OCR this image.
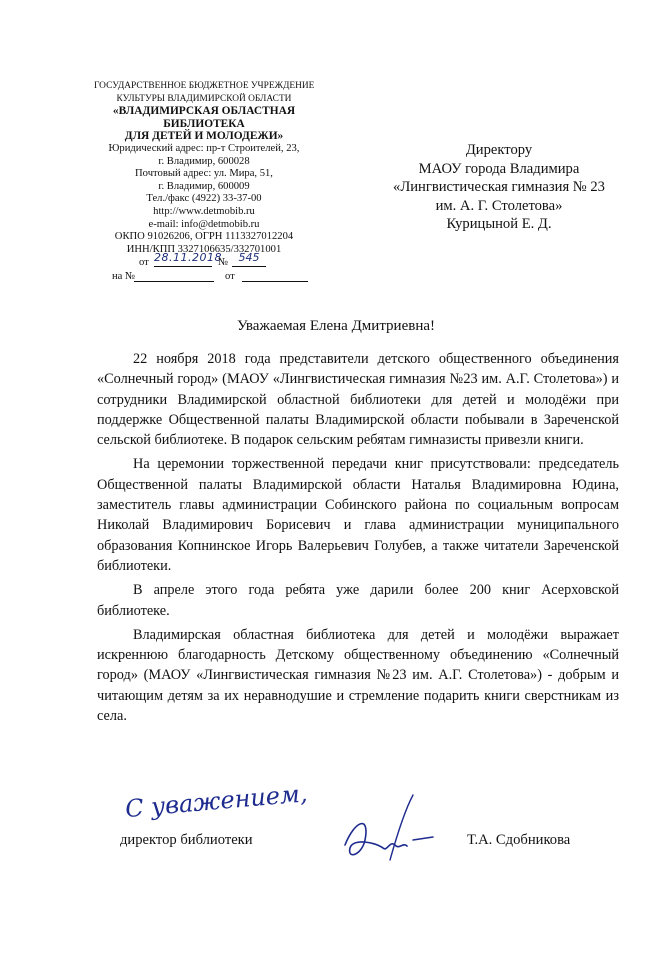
ГОСУДАРСТВЕННОЕ БЮДЖЕТНОЕ УЧРЕЖДЕНИЕ
КУЛЬТУРЫ ВЛАДИМИРСКОЙ ОБЛАСТИ
«ВЛАДИМИРСКАЯ ОБЛАСТНАЯ
БИБЛИОТЕКА
ДЛЯ ДЕТЕЙ И МОЛОДЕЖИ»
Юридический адрес: пр-т Строителей, 23,
г. Владимир, 600028
Почтовый адрес: ул. Мира, 51,
г. Владимир, 600009
Тел./факс (4922) 33-37-00
http://www.detmobib.ru
e-mail: info@detmobib.ru
ОКПО 91026206, ОГРН 1113327012204
ИНН/КПП 3327106635/332701001
от 28.11.2018
№ 545
на №	от
Директору
МАОУ города Владимира
«Лингвистическая гимназия № 23
им. А. Г. Столетова»
Курицыной Е. Д.
Уважаемая Елена Дмитриевна!

22 ноября 2018 года представители детского общественного объединения «Солнечный город» (МАОУ «Лингвистическая гимназия №23 им. А.Г. Столетова») и сотрудники Владимирской областной библиотеки для детей и молодёжи при поддержке Общественной палаты Владимирской области побывали в Зареченской сельской библиотеке. В подарок сельским ребятам гимназисты привезли книги.

На церемонии торжественной передачи книг присутствовали: председатель Общественной палаты Владимирской области Наталья Владимировна Юдина, заместитель главы администрации Собинского района по социальным вопросам Николай Владимирович Борисевич и глава администрации муниципального образования Копнинское Игорь Валерьевич Голубев, а также читатели Зареченской библиотеки.

В апреле этого года ребята уже дарили более 200 книг Асерховской библиотеке.

Владимирская областная библиотека для детей и молодёжи выражает искреннюю благодарность Детскому общественному объединению «Солнечный город» (МАОУ «Лингвистическая гимназия №23 им. А.Г. Столетова») - добрым и читающим детям за их неравнодушие и стремление подарить книги сверстникам из села.

С уважением,
директор библиотеки	Т.А. Сдобникова
